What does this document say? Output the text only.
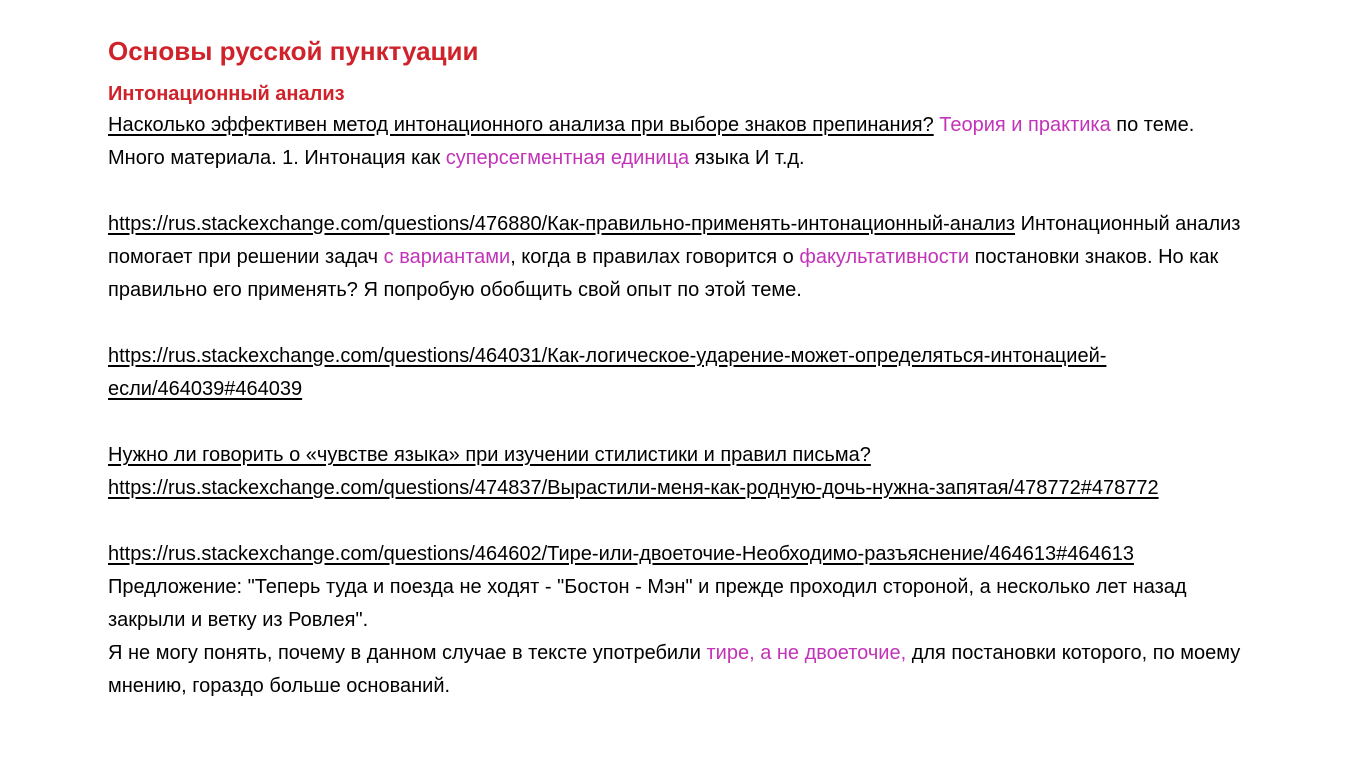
Основы русской пунктуации
Интонационный анализ

Насколько эффективен метод интонационного анализа при выборе знаков препинания? Теория и практика по теме.
Много материала. 1. Интонация как суперсегментная единица языка И т.д.

https://rus.stackexchange.com/questions/476880/Как-правильно-применять-интонационный-анализ Интонационный анализ помогает при решении задач с вариантами, когда в правилах говорится о факультативности постановки знаков. Но как правильно его применять? Я попробую обобщить свой опыт по этой теме.

https://rus.stackexchange.com/questions/464031/Как-логическое-ударение-может-определяться-интонацией-если/464039#464039

Нужно ли говорить о «чувстве языка» при изучении стилистики и правил письма?
https://rus.stackexchange.com/questions/474837/Вырастили-меня-как-родную-дочь-нужна-запятая/478772#478772

https://rus.stackexchange.com/questions/464602/Тире-или-двоеточие-Необходимо-разъяснение/464613#464613
Предложение: "Теперь туда и поезда не ходят - "Бостон - Мэн" и прежде проходил стороной, а несколько лет назад закрыли и ветку из Ровлея".
Я не могу понять, почему в данном случае в тексте употребили тире, а не двоеточие, для постановки которого, по моему мнению, гораздо больше оснований.
